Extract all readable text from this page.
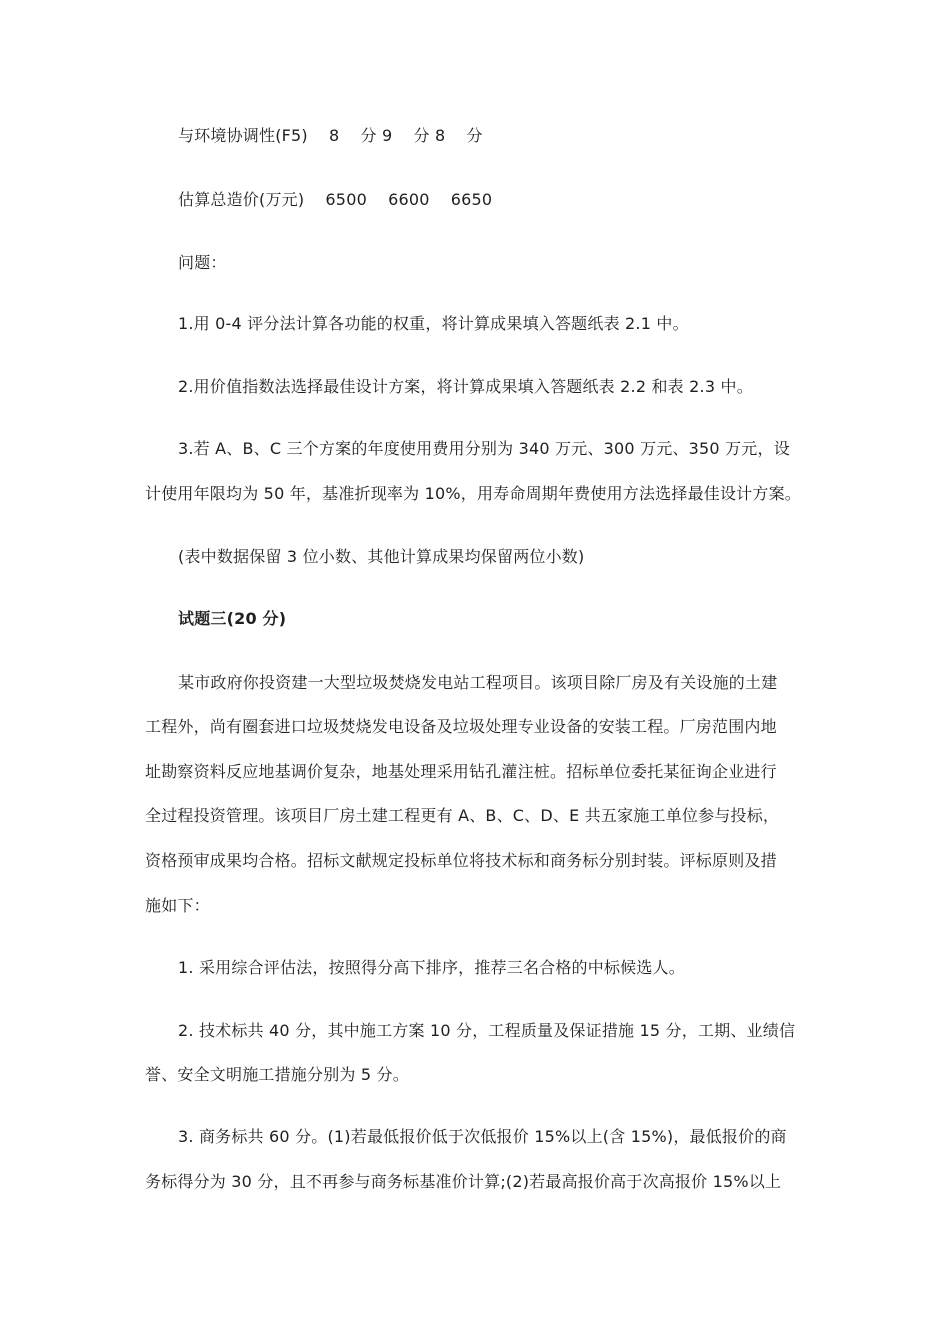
与环境协调性(F5)    8    分 9    分 8    分
估算总造价(万元)    6500    6600    6650
问题：
1.用 0-4 评分法计算各功能的权重，将计算成果填入答题纸表 2.1 中。
2.用价值指数法选择最佳设计方案，将计算成果填入答题纸表 2.2 和表 2.3 中。
3.若 A、B、C 三个方案的年度使用费用分别为 340 万元、300 万元、350 万元，设
计使用年限均为 50 年，基准折现率为 10%，用寿命周期年费使用方法选择最佳设计方案。
(表中数据保留 3 位小数、其他计算成果均保留两位小数)
试题三(20 分)
某市政府你投资建一大型垃圾焚烧发电站工程项目。该项目除厂房及有关设施的土建
工程外，尚有圈套进口垃圾焚烧发电设备及垃圾处理专业设备的安装工程。厂房范围内地
址勘察资料反应地基调价复杂，地基处理采用钻孔灌注桩。招标单位委托某征询企业进行
全过程投资管理。该项目厂房土建工程更有 A、B、C、D、E 共五家施工单位参与投标，
资格预审成果均合格。招标文献规定投标单位将技术标和商务标分别封装。评标原则及措
施如下：
1. 采用综合评估法，按照得分高下排序，推荐三名合格的中标候选人。
2. 技术标共 40 分，其中施工方案 10 分，工程质量及保证措施 15 分，工期、业绩信
誉、安全文明施工措施分别为 5 分。
3. 商务标共 60 分。(1)若最低报价低于次低报价 15%以上(含 15%)，最低报价的商
务标得分为 30 分，且不再参与商务标基准价计算;(2)若最高报价高于次高报价 15%以上
